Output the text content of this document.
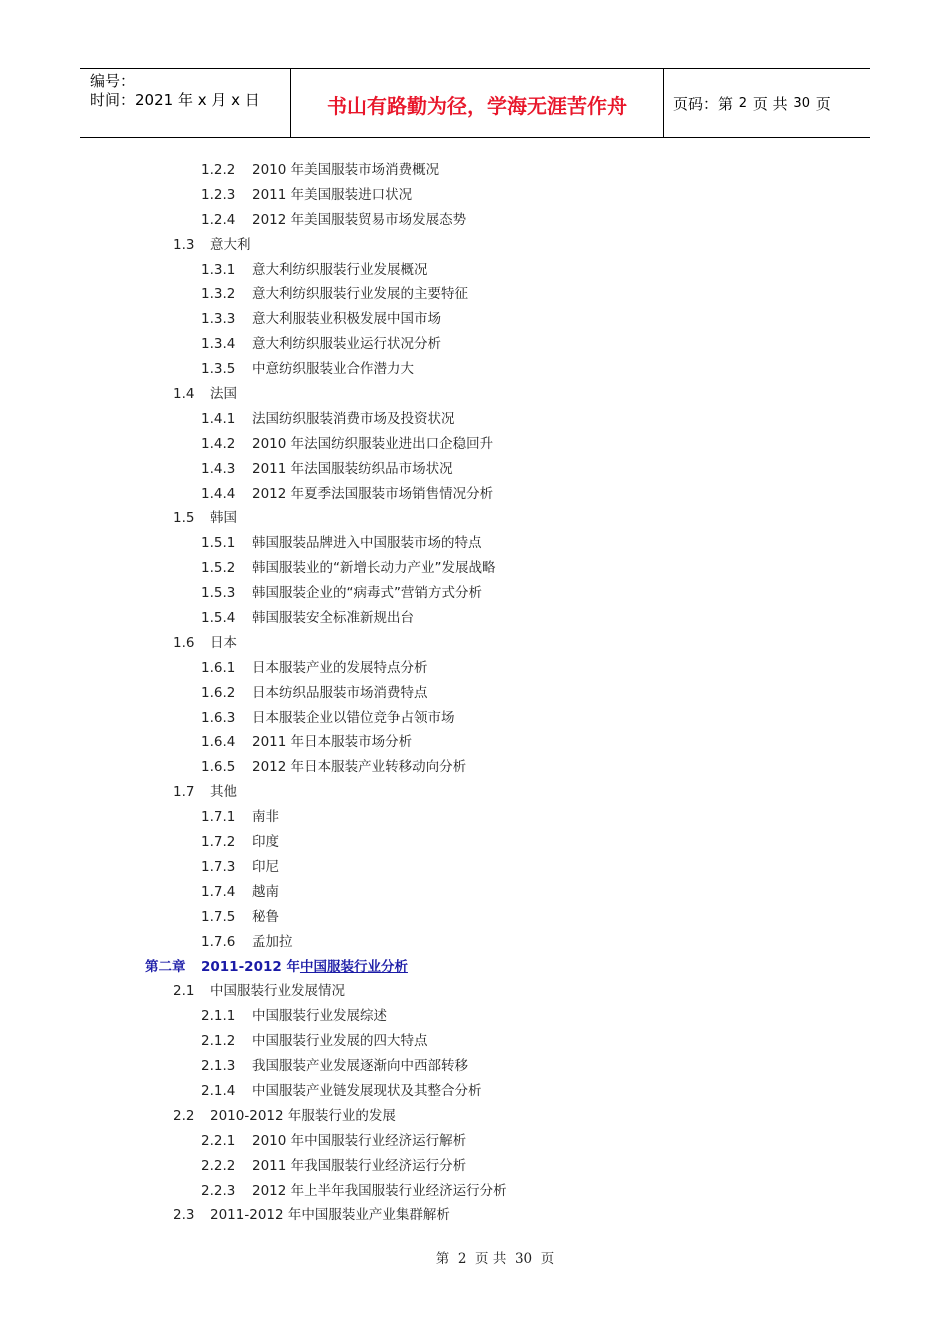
编号：
时间：2021 年 x 月 x 日	书山有路勤为径，学海无涯苦作舟	页码：第
2
页 共
30
页
1.2.2 2010 年美国服装市场消费概况
1.2.3 2011 年美国服装进口状况
1.2.4 2012 年美国服装贸易市场发展态势
1.3 意大利
1.3.1 意大利纺织服装行业发展概况
1.3.2 意大利纺织服装行业发展的主要特征
1.3.3 意大利服装业积极发展中国市场
1.3.4 意大利纺织服装业运行状况分析
1.3.5 中意纺织服装业合作潜力大
1.4 法国
1.4.1 法国纺织服装消费市场及投资状况
1.4.2 2010 年法国纺织服装业进出口企稳回升
1.4.3 2011 年法国服装纺织品市场状况
1.4.4 2012 年夏季法国服装市场销售情况分析
1.5 韩国
1.5.1 韩国服装品牌进入中国服装市场的特点
1.5.2 韩国服装业的“新增长动力产业”发展战略
1.5.3 韩国服装企业的“病毒式”营销方式分析
1.5.4 韩国服装安全标准新规出台
1.6 日本
1.6.1 日本服装产业的发展特点分析
1.6.2 日本纺织品服装市场消费特点
1.6.3 日本服装企业以错位竞争占领市场
1.6.4 2011 年日本服装市场分析
1.6.5 2012 年日本服装产业转移动向分析
1.7 其他
1.7.1 南非
1.7.2 印度
1.7.3 印尼
1.7.4 越南
1.7.5 秘鲁
1.7.6 孟加拉
第二章 2011-2012 年中国服装行业分析
2.1 中国服装行业发展情况
2.1.1 中国服装行业发展综述
2.1.2 中国服装行业发展的四大特点
2.1.3 我国服装产业发展逐渐向中西部转移
2.1.4 中国服装产业链发展现状及其整合分析
2.2 2010-2012 年服装行业的发展
2.2.1 2010 年中国服装行业经济运行解析
2.2.2 2011 年我国服装行业经济运行分析
2.2.3 2012 年上半年我国服装行业经济运行分析
2.3 2011-2012 年中国服装业产业集群解析
第 2 页 共 30 页
